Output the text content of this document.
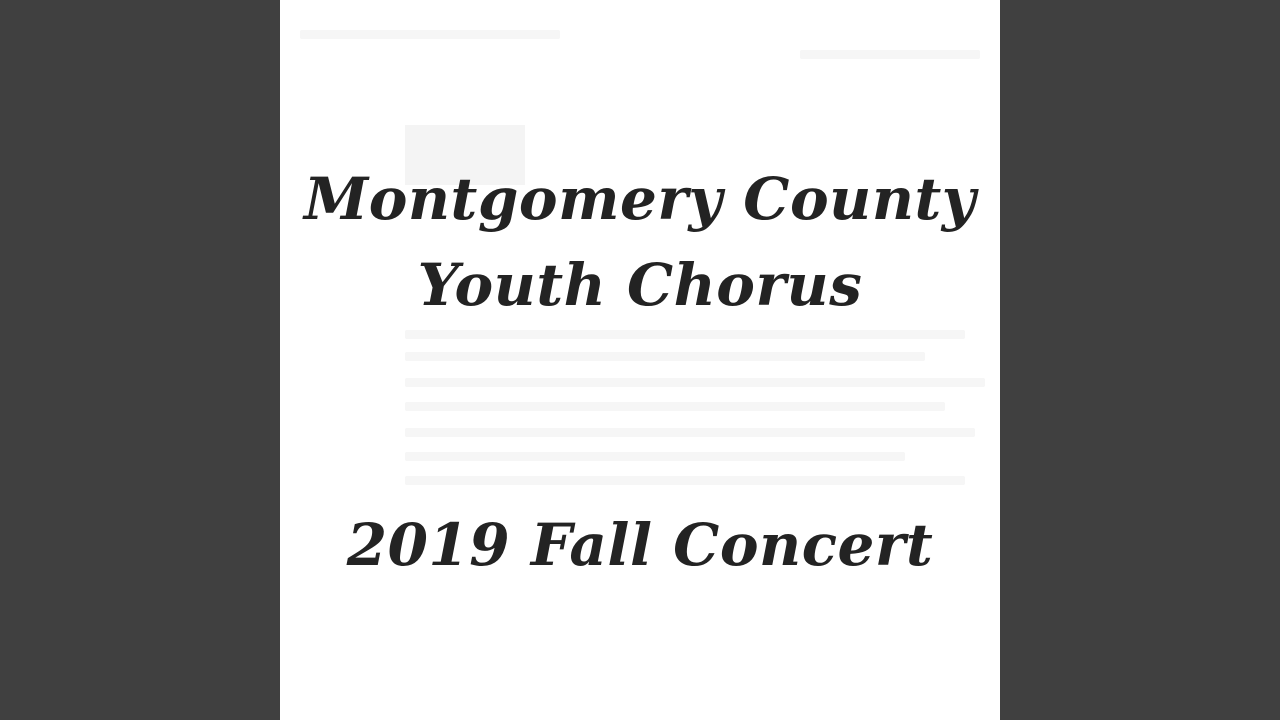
Montgomery County
Youth Chorus
2019 Fall Concert
